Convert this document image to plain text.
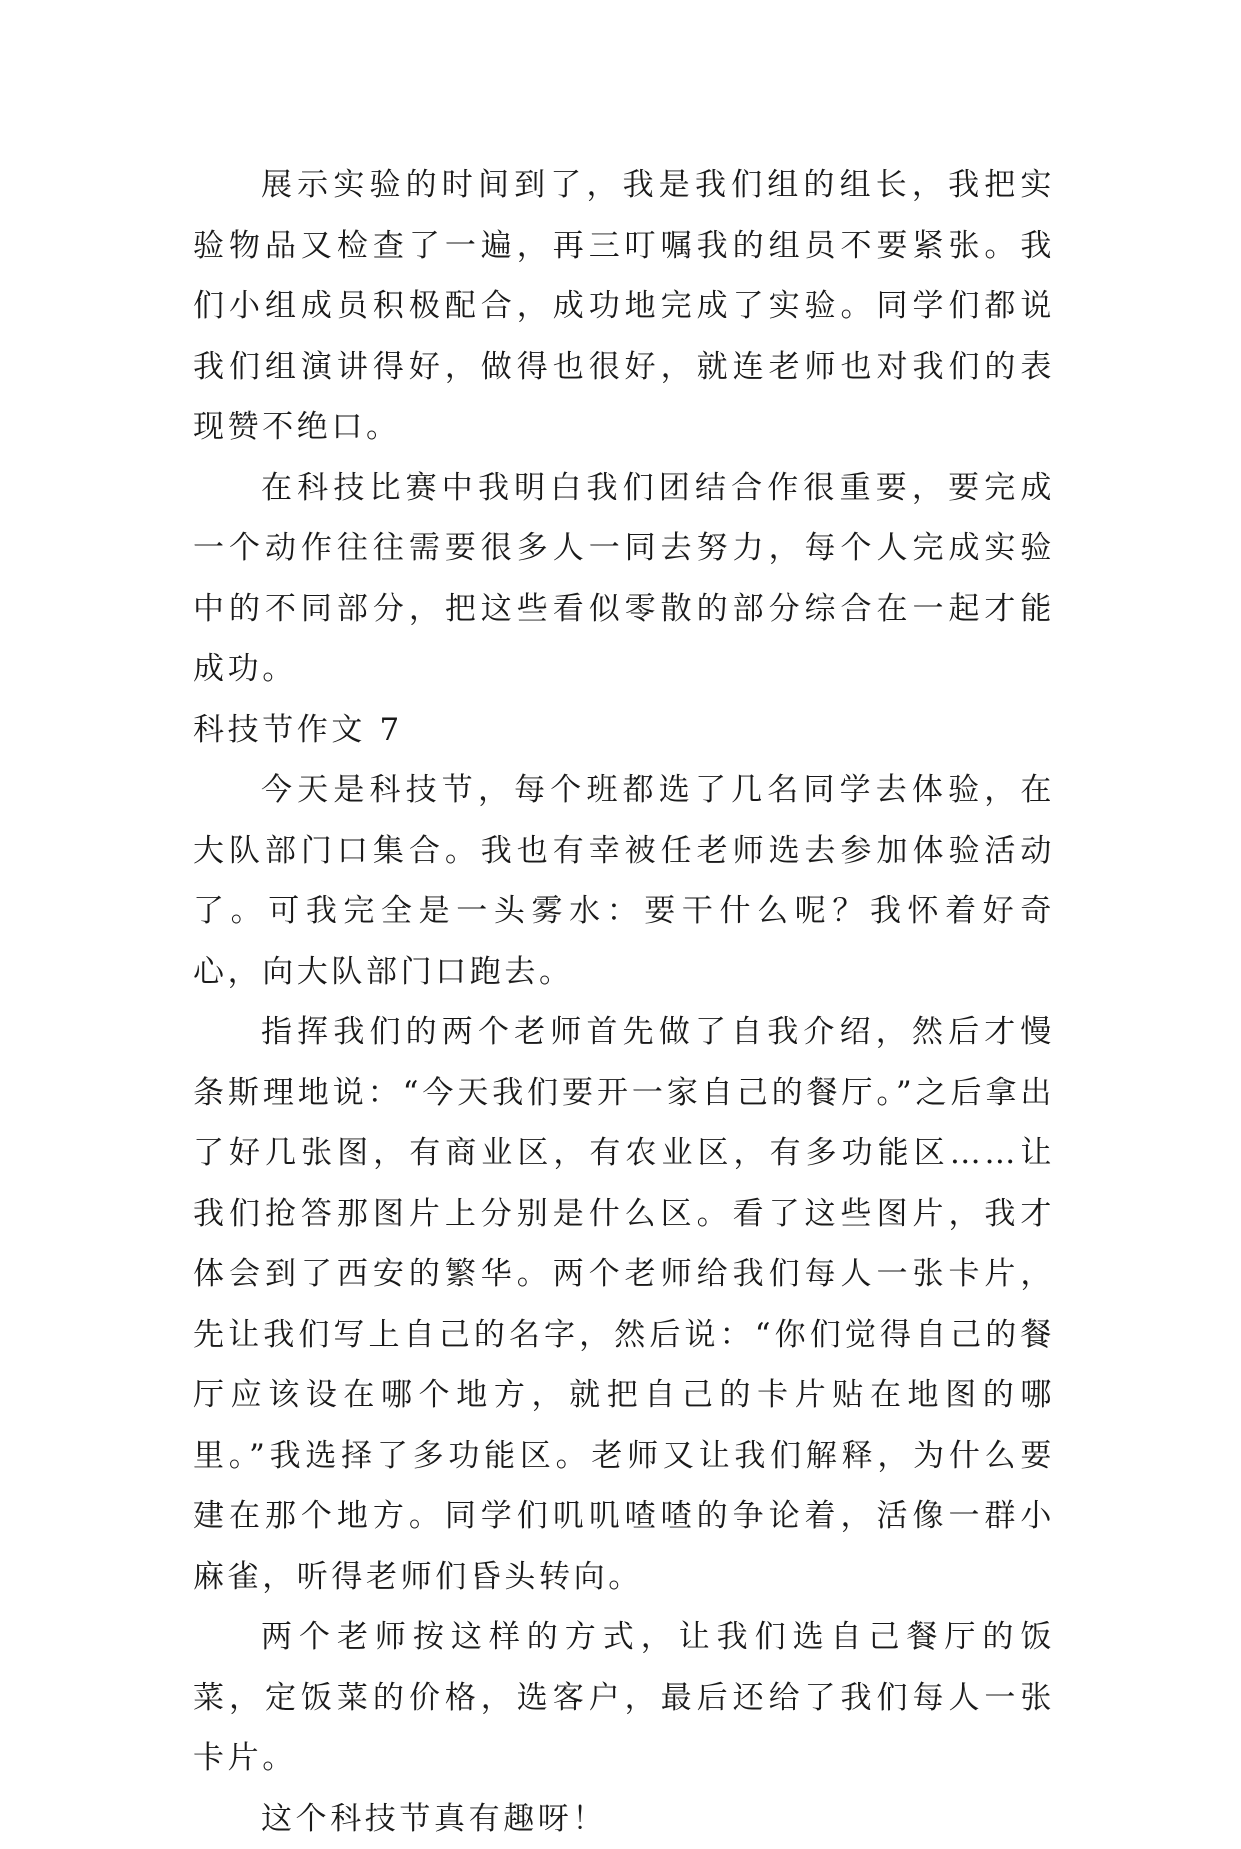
展示实验的时间到了，我是我们组的组长，我把实验物品又检查了一遍，再三叮嘱我的组员不要紧张。我们小组成员积极配合，成功地完成了实验。同学们都说我们组演讲得好，做得也很好，就连老师也对我们的表现赞不绝口。

在科技比赛中我明白我们团结合作很重要，要完成一个动作往往需要很多人一同去努力，每个人完成实验中的不同部分，把这些看似零散的部分综合在一起才能成功。

科技节作文 7

今天是科技节，每个班都选了几名同学去体验，在大队部门口集合。我也有幸被任老师选去参加体验活动了。可我完全是一头雾水：要干什么呢？我怀着好奇心，向大队部门口跑去。

指挥我们的两个老师首先做了自我介绍，然后才慢条斯理地说：“今天我们要开一家自己的餐厅。”之后拿出了好几张图，有商业区，有农业区，有多功能区……让我们抢答那图片上分别是什么区。看了这些图片，我才体会到了西安的繁华。两个老师给我们每人一张卡片，先让我们写上自己的名字，然后说：“你们觉得自己的餐厅应该设在哪个地方，就把自己的卡片贴在地图的哪里。”我选择了多功能区。老师又让我们解释，为什么要建在那个地方。同学们叽叽喳喳的争论着，活像一群小麻雀，听得老师们昏头转向。

两个老师按这样的方式，让我们选自己餐厅的饭菜，定饭菜的价格，选客户，最后还给了我们每人一张卡片。

这个科技节真有趣呀！
